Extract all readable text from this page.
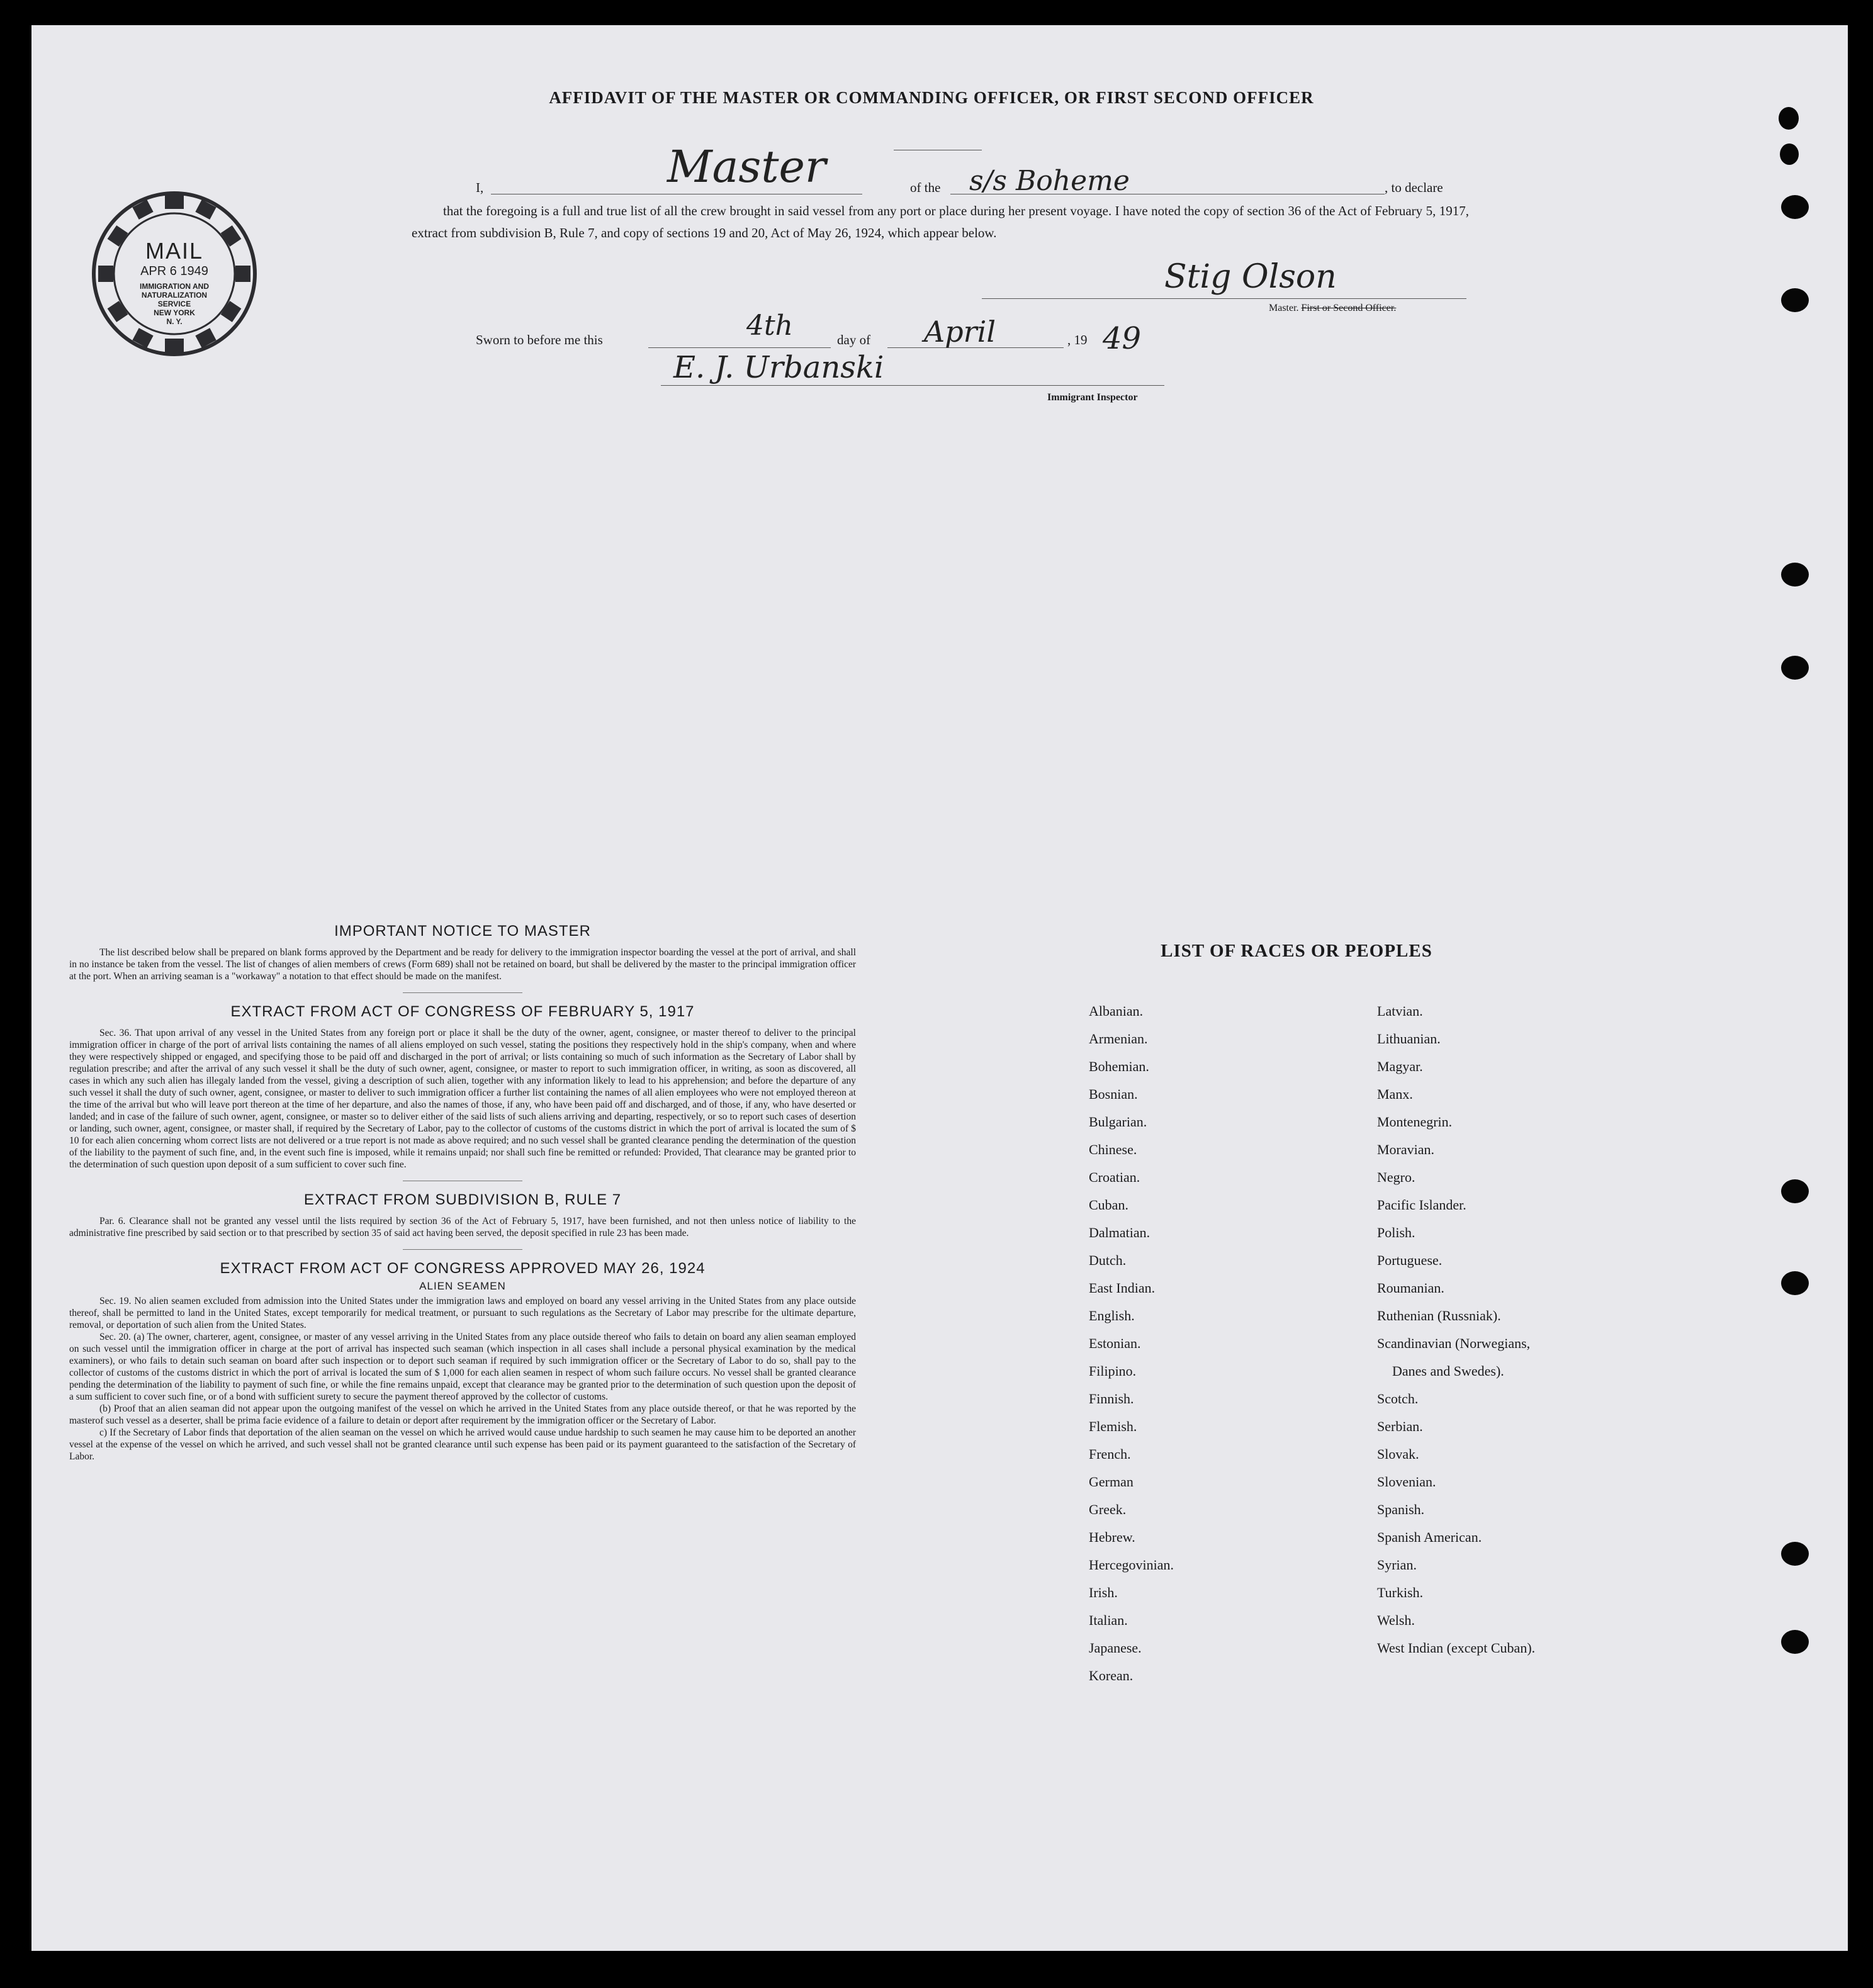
AFFIDAVIT OF THE MASTER OR COMMANDING OFFICER, OR FIRST SECOND OFFICER
I,	Master	of the s/s Boheme	, to declare
that the foregoing is a full and true list of all the crew brought in said vessel from any port or place during her present voyage. I have noted the copy of section 36 of the Act of February 5, 1917, extract from subdivision B, Rule 7, and copy of sections 19 and 20, Act of May 26, 1924, which appear below.
Stig Olson
Master. First or Second Officer.
Sworn to before me this	4th	day of April	, 19 49
E. J. Urbanski
Immigrant Inspector
MAIL
APR 6 1949
IMMIGRATION AND
NATURALIZATION
SERVICE
NEW YORK
N. Y.
IMPORTANT NOTICE TO MASTER

The list described below shall be prepared on blank forms approved by the Department and be ready for delivery to the immigration inspector boarding the vessel at the port of arrival, and shall in no instance be taken from the vessel. The list of changes of alien members of crews (Form 689) shall not be retained on board, but shall be delivered by the master to the principal immigration officer at the port. When an arriving seaman is a "workaway" a notation to that effect should be made on the manifest.

EXTRACT FROM ACT OF CONGRESS OF FEBRUARY 5, 1917

Sec. 36. That upon arrival of any vessel in the United States from any foreign port or place it shall be the duty of the owner, agent, consignee, or master thereof to deliver to the principal immigration officer in charge of the port of arrival lists containing the names of all aliens employed on such vessel, stating the positions they respectively hold in the ship's company, when and where they were respectively shipped or engaged, and specifying those to be paid off and discharged in the port of arrival; or lists containing so much of such information as the Secretary of Labor shall by regulation prescribe; and after the arrival of any such vessel it shall be the duty of such owner, agent, consignee, or master to report to such immigration officer, in writing, as soon as discovered, all cases in which any such alien has illegaly landed from the vessel, giving a description of such alien, together with any information likely to lead to his apprehension; and before the departure of any such vessel it shall the duty of such owner, agent, consignee, or master to deliver to such immigration officer a further list containing the names of all alien employees who were not employed thereon at the time of the arrival but who will leave port thereon at the time of her departure, and also the names of those, if any, who have been paid off and discharged, and of those, if any, who have deserted or landed; and in case of the failure of such owner, agent, consignee, or master so to deliver either of the said lists of such aliens arriving and departing, respectively, or so to report such cases of desertion or landing, such owner, agent, consignee, or master shall, if required by the Secretary of Labor, pay to the collector of customs of the customs district in which the port of arrival is located the sum of $ 10 for each alien concerning whom correct lists are not delivered or a true report is not made as above required; and no such vessel shall be granted clearance pending the determination of the question of the liability to the payment of such fine, and, in the event such fine is imposed, while it remains unpaid; nor shall such fine be remitted or refunded: Provided, That clearance may be granted prior to the determination of such question upon deposit of a sum sufficient to cover such fine.

EXTRACT FROM SUBDIVISION B, RULE 7

Par. 6. Clearance shall not be granted any vessel until the lists required by section 36 of the Act of February 5, 1917, have been furnished, and not then unless notice of liability to the administrative fine prescribed by said section or to that prescribed by section 35 of said act having been served, the deposit specified in rule 23 has been made.

EXTRACT FROM ACT OF CONGRESS APPROVED MAY 26, 1924
ALIEN SEAMEN

Sec. 19. No alien seamen excluded from admission into the United States under the immigration laws and employed on board any vessel arriving in the United States from any place outside thereof, shall be permitted to land in the United States, except temporarily for medical treatment, or pursuant to such regulations as the Secretary of Labor may prescribe for the ultimate departure, removal, or deportation of such alien from the United States.

Sec. 20. (a) The owner, charterer, agent, consignee, or master of any vessel arriving in the United States from any place outside thereof who fails to detain on board any alien seaman employed on such vessel until the immigration officer in charge at the port of arrival has inspected such seaman (which inspection in all cases shall include a personal physical examination by the medical examiners), or who fails to detain such seaman on board after such inspection or to deport such seaman if required by such immigration officer or the Secretary of Labor to do so, shall pay to the collector of customs of the customs district in which the port of arrival is located the sum of $ 1,000 for each alien seamen in respect of whom such failure occurs. No vessel shall be granted clearance pending the determination of the liability to payment of such fine, or while the fine remains unpaid, except that clearance may be granted prior to the determination of such question upon the deposit of a sum sufficient to cover such fine, or of a bond with sufficient surety to secure the payment thereof approved by the collector of customs.

(b) Proof that an alien seaman did not appear upon the outgoing manifest of the vessel on which he arrived in the United States from any place outside thereof, or that he was reported by the masterof such vessel as a deserter, shall be prima facie evidence of a failure to detain or deport after requirement by the immigration officer or the Secretary of Labor.

c) If the Secretary of Labor finds that deportation of the alien seaman on the vessel on which he arrived would cause undue hardship to such seamen he may cause him to be deported an another vessel at the expense of the vessel on which he arrived, and such vessel shall not be granted clearance until such expense has been paid or its payment guaranteed to the satisfaction of the Secretary of Labor.

LIST OF RACES OR PEOPLES
Albanian.
Armenian.
Bohemian.
Bosnian.
Bulgarian.
Chinese.
Croatian.
Cuban.
Dalmatian.
Dutch.
East Indian.
English.
Estonian.
Filipino.
Finnish.
Flemish.
French.
German
Greek.
Hebrew.
Hercegovinian.
Irish.
Italian.
Japanese.
Korean.
Latvian.
Lithuanian.
Magyar.
Manx.
Montenegrin.
Moravian.
Negro.
Pacific Islander.
Polish.
Portuguese.
Roumanian.
Ruthenian (Russniak).
Scandinavian (Norwegians,
Danes and Swedes).
Scotch.
Serbian.
Slovak.
Slovenian.
Spanish.
Spanish American.
Syrian.
Turkish.
Welsh.
West Indian (except Cuban).
